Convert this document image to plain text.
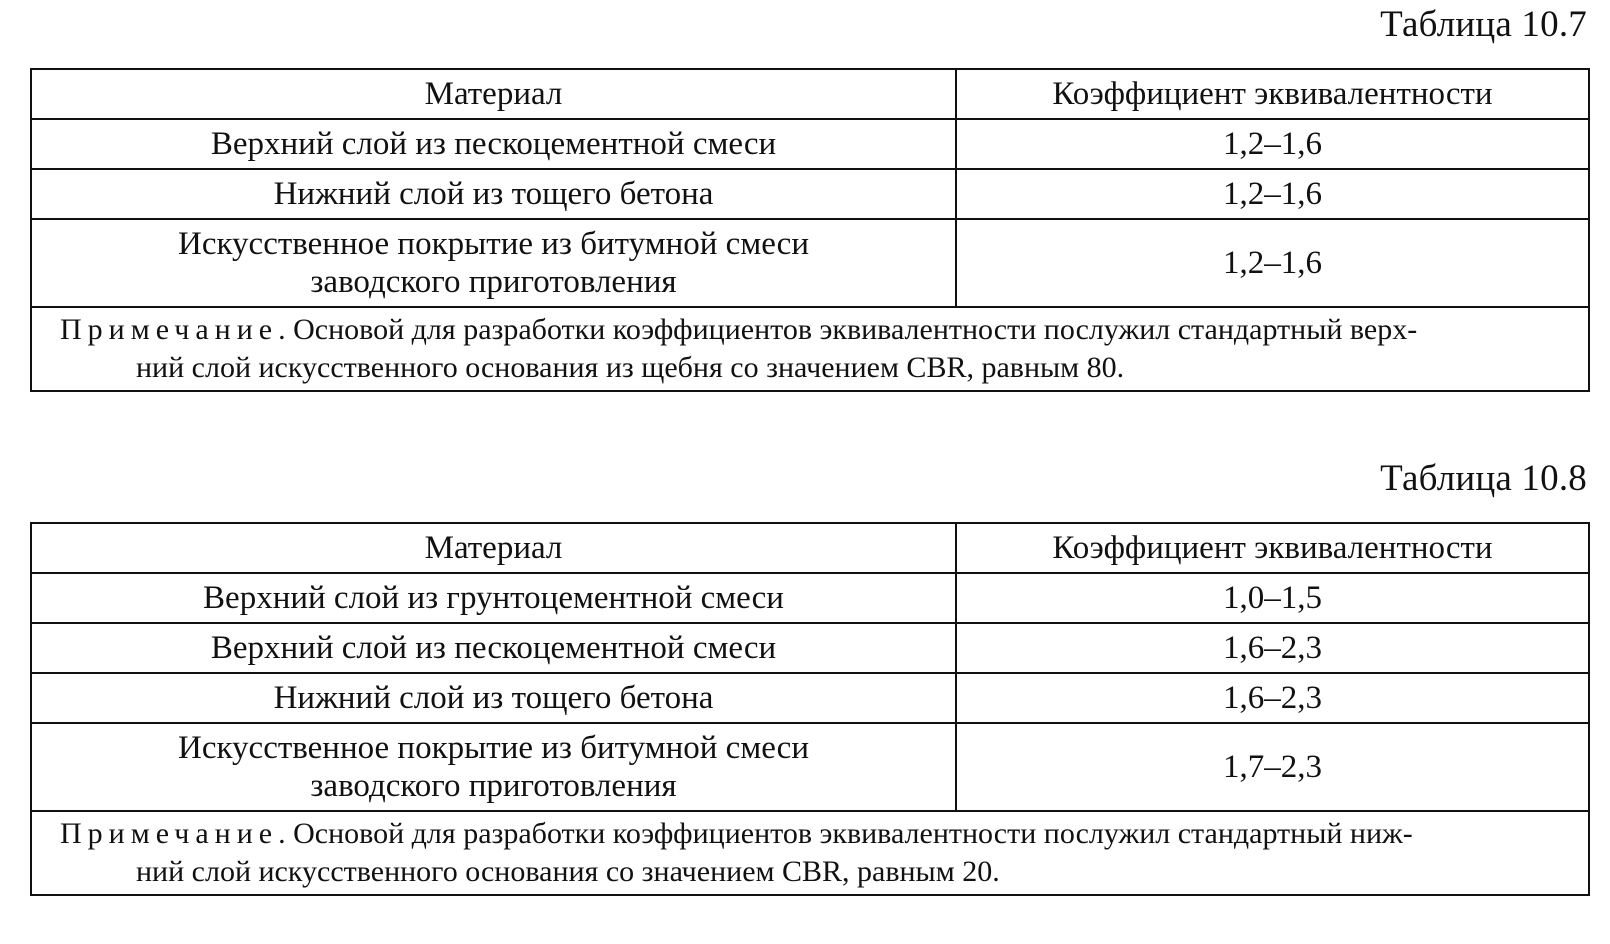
Таблица 10.7
Материал	Коэффициент эквивалентности

Верхний слой из пескоцементной смеси	1,2–1,6

Нижний слой из тощего бетона	1,2–1,6

Искусственное покрытие из битумной смеси
заводского приготовления	1,2–1,6

Примечание. Основой для разработки коэффициентов эквивалентности послужил стандартный верх-
ний слой искусственного основания из щебня со значением CBR, равным 80.	
Таблица 10.8
Материал	Коэффициент эквивалентности

Верхний слой из грунтоцементной смеси	1,0–1,5

Верхний слой из пескоцементной смеси	1,6–2,3

Нижний слой из тощего бетона	1,6–2,3

Искусственное покрытие из битумной смеси
заводского приготовления	1,7–2,3

Примечание. Основой для разработки коэффициентов эквивалентности послужил стандартный ниж-
ний слой искусственного основания со значением CBR, равным 20.	
